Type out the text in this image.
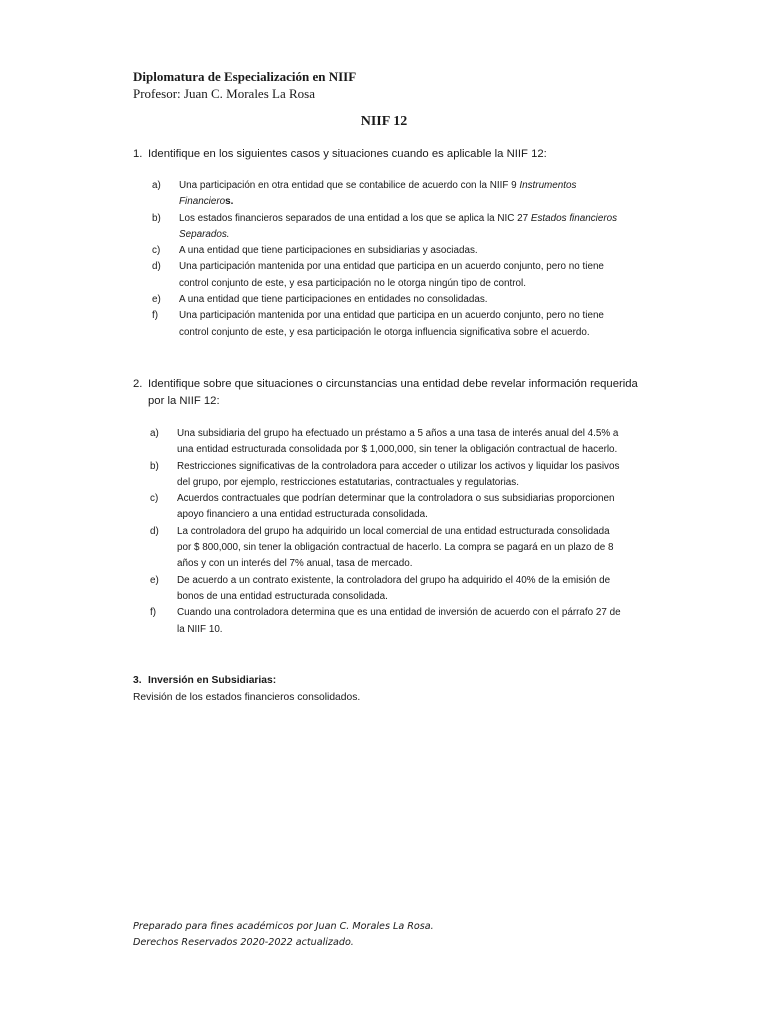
Diplomatura de Especialización en NIIF
Profesor: Juan C. Morales La Rosa
NIIF 12
1. Identifique en los siguientes casos y situaciones cuando es aplicable la NIIF 12:
a) Una participación en otra entidad que se contabilice de acuerdo con la NIIF 9 Instrumentos
Financieros.
b) Los estados financieros separados de una entidad a los que se aplica la NIC 27 Estados financieros
Separados.
c) A una entidad que tiene participaciones en subsidiarias y asociadas.
d) Una participación mantenida por una entidad que participa en un acuerdo conjunto, pero no tiene
control conjunto de este, y esa participación no le otorga ningún tipo de control.
e) A una entidad que tiene participaciones en entidades no consolidadas.
f) Una participación mantenida por una entidad que participa en un acuerdo conjunto, pero no tiene
control conjunto de este, y esa participación le otorga influencia significativa sobre el acuerdo.
2. Identifique sobre que situaciones o circunstancias una entidad debe revelar información requerida
por la NIIF 12:
a) Una subsidiaria del grupo ha efectuado un préstamo a 5 años a una tasa de interés anual del 4.5% a
una entidad estructurada consolidada por $ 1,000,000, sin tener la obligación contractual de hacerlo.
b) Restricciones significativas de la controladora para acceder o utilizar los activos y liquidar los pasivos
del grupo, por ejemplo, restricciones estatutarias, contractuales y regulatorias.
c) Acuerdos contractuales que podrían determinar que la controladora o sus subsidiarias proporcionen
apoyo financiero a una entidad estructurada consolidada.
d) La controladora del grupo ha adquirido un local comercial de una entidad estructurada consolidada
por $ 800,000, sin tener la obligación contractual de hacerlo. La compra se pagará en un plazo de 8
años y con un interés del 7% anual, tasa de mercado.
e) De acuerdo a un contrato existente, la controladora del grupo ha adquirido el 40% de la emisión de
bonos de una entidad estructurada consolidada.
f) Cuando una controladora determina que es una entidad de inversión de acuerdo con el párrafo 27 de
la NIIF 10.
3. Inversión en Subsidiarias:
Revisión de los estados financieros consolidados.
Preparado para fines académicos por Juan C. Morales La Rosa.
Derechos Reservados 2020-2022 actualizado.
